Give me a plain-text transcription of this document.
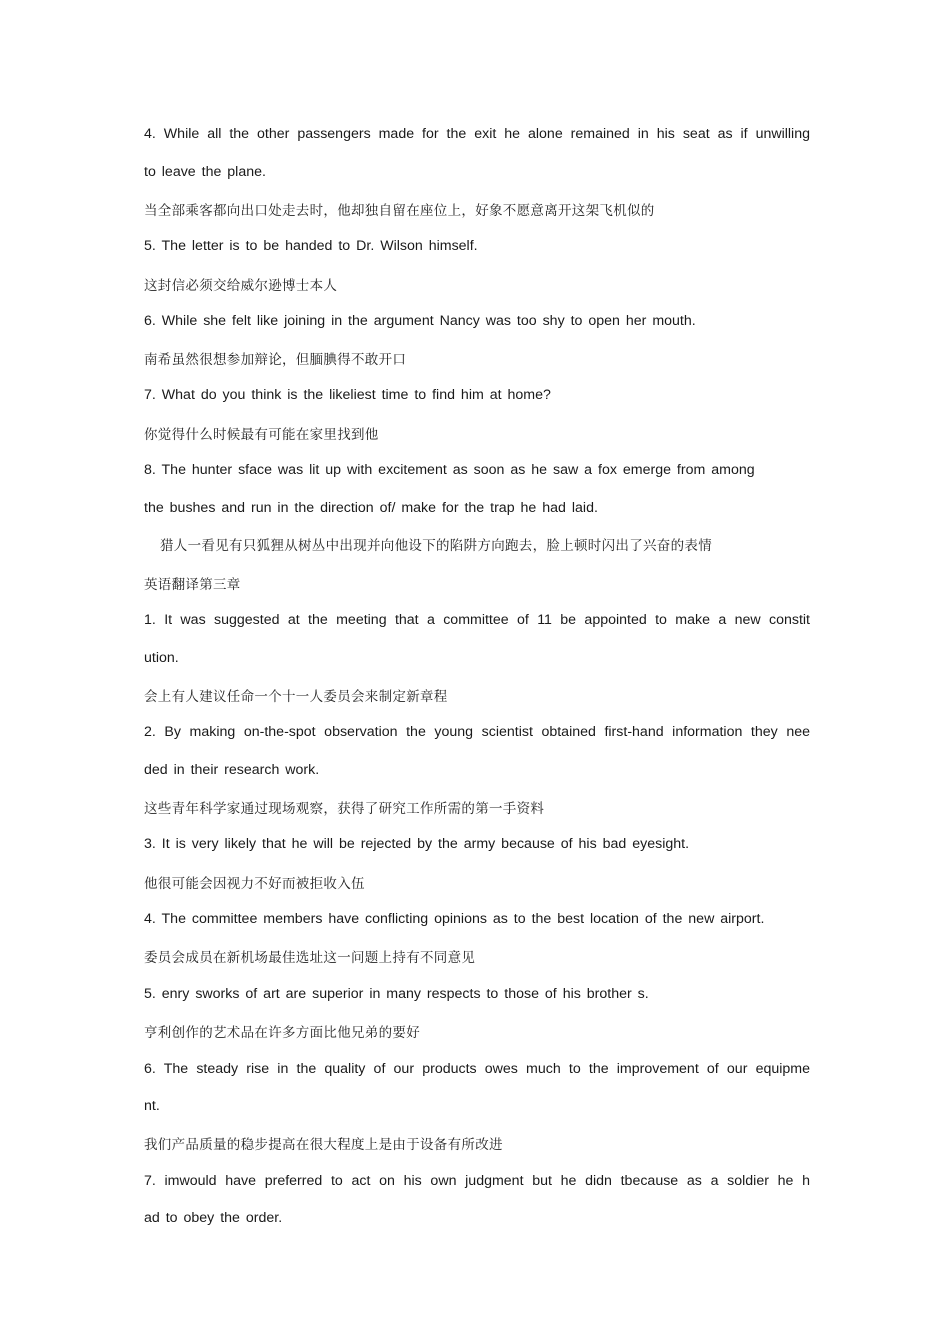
4. While all the other passengers made for the exit he alone remained in his seat as if unwilling
to leave the plane.
当全部乘客都向出口处走去时，他却独自留在座位上，好象不愿意离开这架飞机似的
5. The letter is to be handed to Dr. Wilson himself.
这封信必须交给威尔逊博士本人
6. While she felt like joining in the argument Nancy was too shy to open her mouth.
南希虽然很想参加辩论，但腼腆得不敢开口
7. What do you think is the likeliest time to find him at home?
你觉得什么时候最有可能在家里找到他
8. The hunter sface was lit up with excitement as soon as he saw a fox emerge from among
the bushes and run in the direction of/ make for the trap he had laid.
猎人一看见有只狐狸从树丛中出现并向他设下的陷阱方向跑去，脸上顿时闪出了兴奋的表情
英语翻译第三章
1. It was suggested at the meeting that a committee of 11 be appointed to make a new constit
ution.
会上有人建议任命一个十一人委员会来制定新章程
2. By making on-the-spot observation the young scientist obtained first-hand information they nee
ded in their research work.
这些青年科学家通过现场观察，获得了研究工作所需的第一手资料
3. It is very likely that he will be rejected by the army because of his bad eyesight.
他很可能会因视力不好而被拒收入伍
4. The committee members have conflicting opinions as to the best location of the new airport.
委员会成员在新机场最佳选址这一问题上持有不同意见
5. enry sworks of art are superior in many respects to those of his brother s.
亨利创作的艺术品在许多方面比他兄弟的要好
6. The steady rise in the quality of our products owes much to the improvement of our equipme
nt.
我们产品质量的稳步提高在很大程度上是由于设备有所改进
7. imwould have preferred to act on his own judgment but he didn tbecause as a soldier he h
ad to obey the order.
